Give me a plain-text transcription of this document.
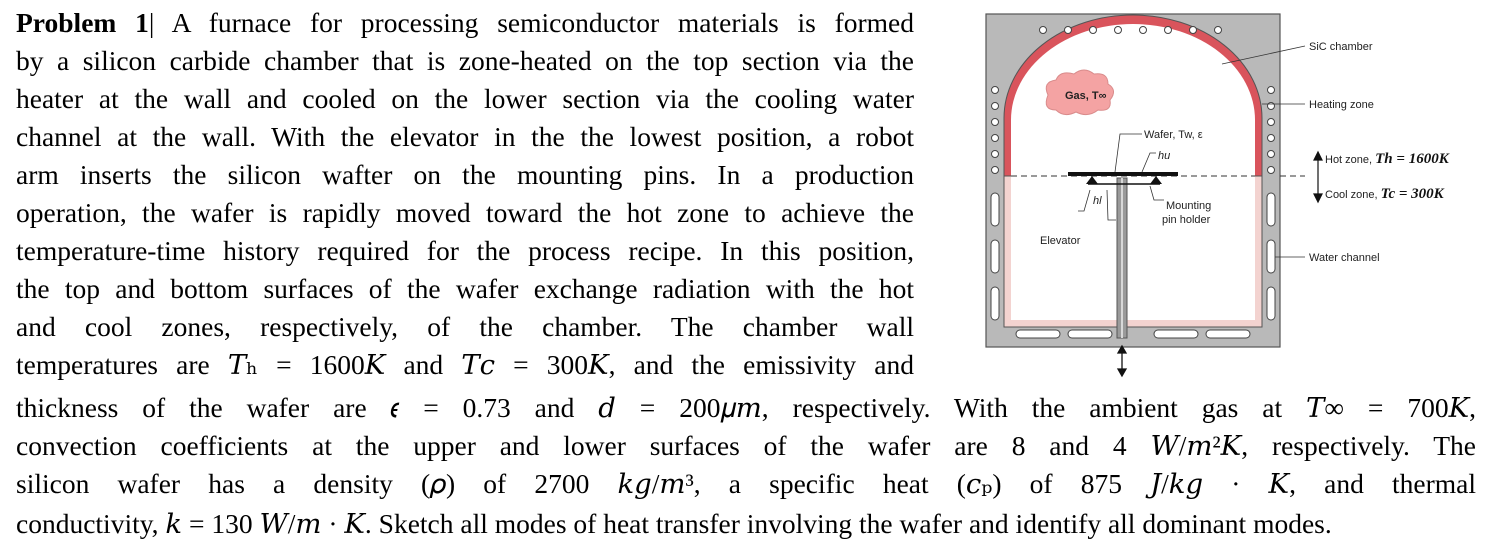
Problem 1| A furnace for processing semiconductor materials is formed
by a silicon carbide chamber that is zone-heated on the top section via the
heater at the wall and cooled on the lower section via the cooling water
channel at the wall. With the elevator in the the lowest position, a robot
arm inserts the silicon wafter on the mounting pins. In a production
operation, the wafer is rapidly moved toward the hot zone to achieve the
temperature-time history required for the process recipe. In this position,
the top and bottom surfaces of the wafer exchange radiation with the hot
and cool zones, respectively, of the chamber. The chamber wall
temperatures are 𝑇ₕ = 1600𝐾 and 𝑇𝑐 = 300𝐾, and the emissivity and
thickness of the wafer are 𝜖 = 0.73 and 𝑑 = 200𝜇𝑚, respectively. With the ambient gas at 𝑇∞ = 700𝐾,
convection coefficients at the upper and lower surfaces of the wafer are 8 and 4 𝑊/𝑚²𝐾, respectively. The
silicon wafer has a density (𝜌) of 2700 𝑘𝑔/𝑚³, a specific heat (𝑐ₚ) of 875 𝐽/𝑘𝑔 · 𝐾, and thermal
conductivity, 𝑘 = 130 𝑊/𝑚 · 𝐾. Sketch all modes of heat transfer involving the wafer and identify all dominant modes.
Gas, T∞
SiC chamber
Heating zone
Wafer, Tw, ε
hu
hl	Mounting
pin holder
Elevator
Water channel
Hot zone, Th = 1600K
Cool zone, Tc = 300K
